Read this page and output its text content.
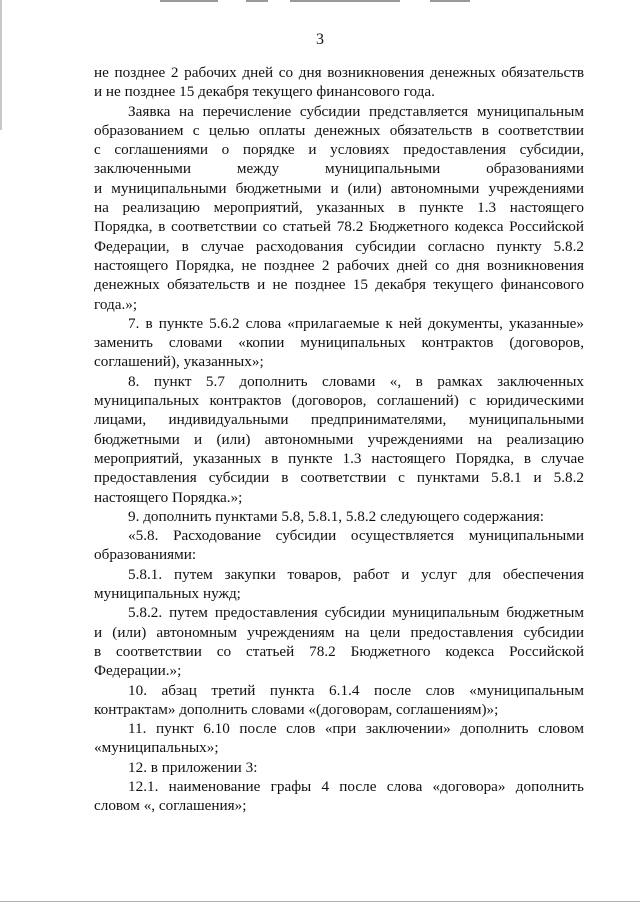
3
не позднее 2 рабочих дней со дня возникновения денежных обязательств
и не позднее 15 декабря текущего финансового года.
Заявка на перечисление субсидии представляется муниципальным
образованием с целью оплаты денежных обязательств в соответствии
с соглашениями о порядке и условиях предоставления субсидии,
заключенными между муниципальными образованиями
и муниципальными бюджетными и (или) автономными учреждениями
на реализацию мероприятий, указанных в пункте 1.3 настоящего
Порядка, в соответствии со статьей 78.2 Бюджетного кодекса Российской
Федерации, в случае расходования субсидии согласно пункту 5.8.2
настоящего Порядка, не позднее 2 рабочих дней со дня возникновения
денежных обязательств и не позднее 15 декабря текущего финансового
года.»;
7. в пункте 5.6.2 слова «прилагаемые к ней документы, указанные»
заменить словами «копии муниципальных контрактов (договоров,
соглашений), указанных»;
8. пункт 5.7 дополнить словами «, в рамках заключенных
муниципальных контрактов (договоров, соглашений) с юридическими
лицами, индивидуальными предпринимателями, муниципальными
бюджетными и (или) автономными учреждениями на реализацию
мероприятий, указанных в пункте 1.3 настоящего Порядка, в случае
предоставления субсидии в соответствии с пунктами 5.8.1 и 5.8.2
настоящего Порядка.»;
9. дополнить пунктами 5.8, 5.8.1, 5.8.2 следующего содержания:
«5.8. Расходование субсидии осуществляется муниципальными
образованиями:
5.8.1. путем закупки товаров, работ и услуг для обеспечения
муниципальных нужд;
5.8.2. путем предоставления субсидии муниципальным бюджетным
и (или) автономным учреждениям на цели предоставления субсидии
в соответствии со статьей 78.2 Бюджетного кодекса Российской
Федерации.»;
10. абзац третий пункта 6.1.4 после слов «муниципальным
контрактам» дополнить словами «(договорам, соглашениям)»;
11. пункт 6.10 после слов «при заключении» дополнить словом
«муниципальных»;
12. в приложении 3:
12.1. наименование графы 4 после слова «договора» дополнить
словом «, соглашения»;
